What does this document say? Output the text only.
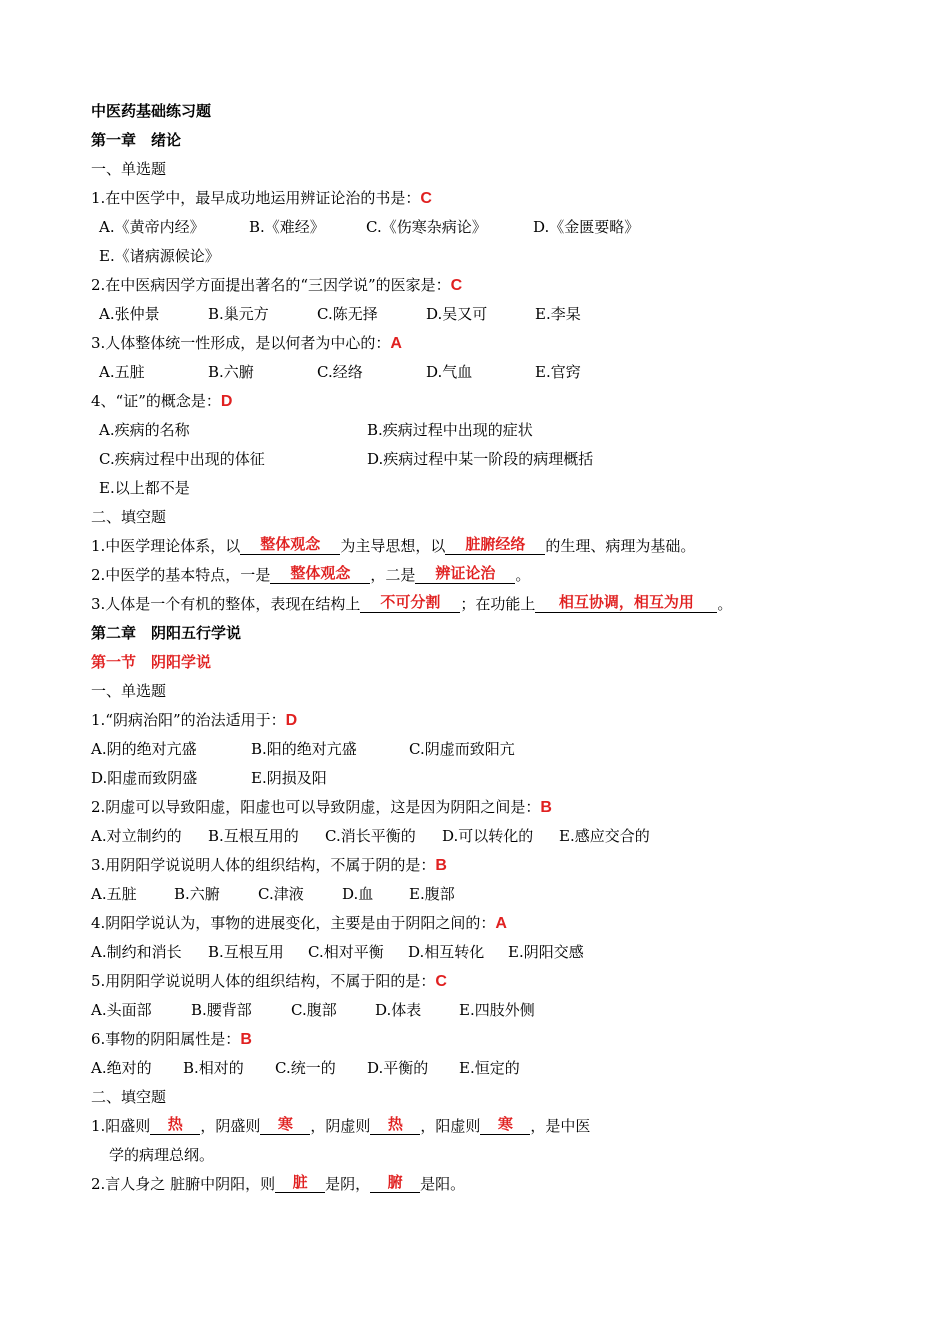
中医药基础练习题
第一章　绪论
一、单选题
1.在中医学中，最早成功地运用辨证论治的书是：C
A.《黄帝内经》	B.《难经》	C.《伤寒杂病论》	D.《金匮要略》
E.《诸病源候论》
2.在中医病因学方面提出著名的“三因学说”的医家是：C
A.张仲景	B.巢元方	C.陈无择	D.吴又可	E.李杲
3.人体整体统一性形成，是以何者为中心的：A
A.五脏	B.六腑	C.经络	D.气血	E.官窍
4、“证”的概念是：D
A.疾病的名称	B.疾病过程中出现的症状
C.疾病过程中出现的体征	D.疾病过程中某一阶段的病理概括
E.以上都不是
二、填空题
1.中医学理论体系，以 整体观念 为主导思想，以 脏腑经络 的生理、病理为基础。
2.中医学的基本特点，一是 整体观念 ，二是 辨证论治 。
3.人体是一个有机的整体，表现在结构上 不可分割 ；在功能上 相互协调，相互为用 。
第二章　阴阳五行学说
第一节　阴阳学说
一、单选题
1.“阴病治阳”的治法适用于：D
A.阴的绝对亢盛	B.阳的绝对亢盛	C.阴虚而致阳亢
D.阳虚而致阴盛	E.阴损及阳
2.阴虚可以导致阳虚，阳虚也可以导致阴虚，这是因为阴阳之间是：B
A.对立制约的 B.互根互用的 C.消长平衡的 D.可以转化的 E.感应交合的
3.用阴阳学说说明人体的组织结构，不属于阴的是：B
A.五脏 B.六腑	C.津液	D.血 E.腹部
4.阴阳学说认为，事物的进展变化，主要是由于阴阳之间的：A
A.制约和消长 B.互根互用 C.相对平衡 D.相互转化 E.阴阳交感
5.用阴阳学说说明人体的组织结构，不属于阳的是：C
A.头面部	B.腰背部	C.腹部	D.体表	E.四肢外侧
6.事物的阴阳属性是：B
A.绝对的 B.相对的 C.统一的 D.平衡的 E.恒定的
二、填空题
1.阳盛则 热 ，阴盛则 寒 ，阴虚则 热 ，阳虚则 寒 ，是中医
学的病理总纲。
2.言人身之 脏腑中阴阳，则 脏 是阴， 腑 是阳。
